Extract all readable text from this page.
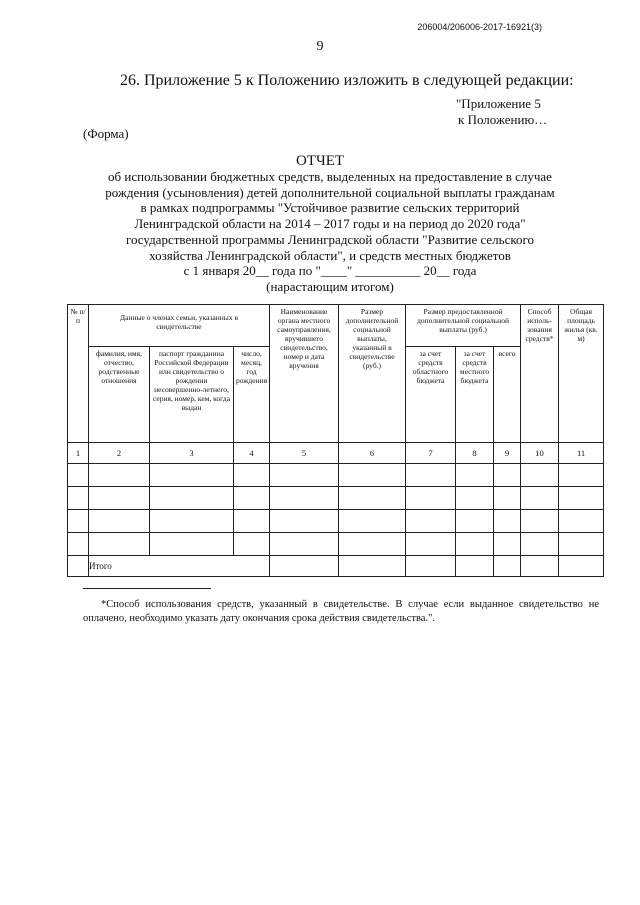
206004/206006-2017-16921(3)
9
26. Приложение 5 к Положению изложить в следующей редакции:
"Приложение 5
к Положению…
(Форма)
ОТЧЕТ
об использовании бюджетных средств, выделенных на предоставление в случае
рождения (усыновления) детей дополнительной социальной выплаты гражданам
в рамках подпрограммы "Устойчивое развитие сельских территорий
Ленинградской области на 2014 – 2017 годы и на период до 2020 года"
государственной программы Ленинградской области "Развитие сельского
хозяйства Ленинградской области", и средств местных бюджетов
с 1 января 20__ года по "____" __________ 20__ года
(нарастающим итогом)
№ п/п	Данные о членах семьи, указанных в свидетельстве			Наименование органа местного самоуправления, вручившего свидетельство, номер и дата вручения	Размер дополнительной социальной выплаты, указанный в свидетельстве (руб.)	Размер предоставленной дополнительной социальной выплаты (руб.)			Способ исполь-зования средств*	Общая площадь жилья (кв. м)
	фамилия, имя, отчество, родственные отношения	паспорт гражданина Российской Федерации или свидетельство о рождении несовершенно-летнего, серия, номер, кем, когда выдан	число, месяц, год рождения			за счет средств областного бюджета	за счет средств местного бюджета	всего		
1	2	3	4	5	6	7	8	9	10	11

	Итого									
*Способ использования средств, указанный в свидетельстве. В случае если выданное свидетельство не оплачено, необходимо указать дату окончания срока действия свидетельства.".
